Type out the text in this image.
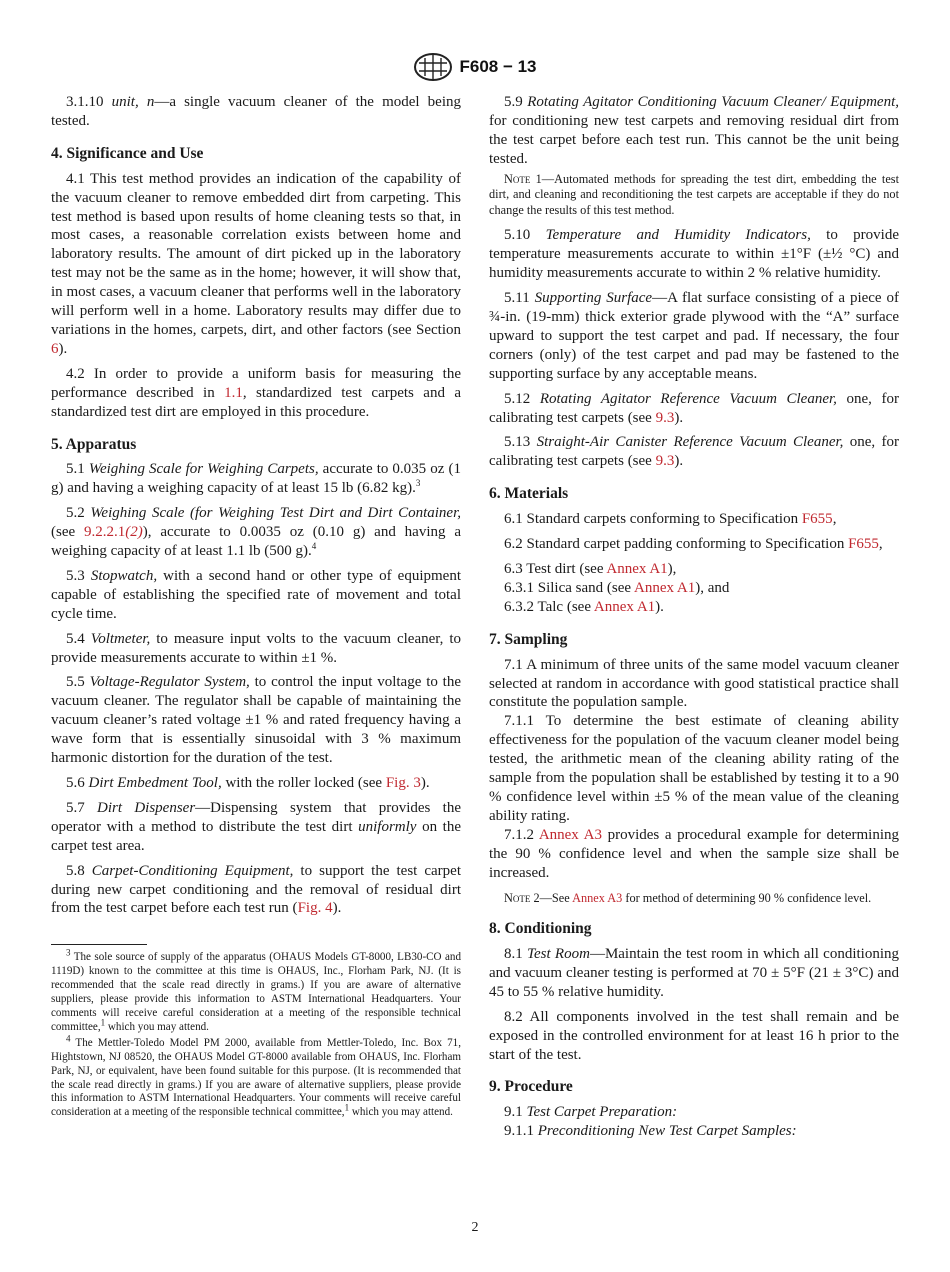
F608 − 13

3.1.10 unit, n—a single vacuum cleaner of the model being tested.

4. Significance and Use

4.1 This test method provides an indication of the capability of the vacuum cleaner to remove embedded dirt from carpeting. This test method is based upon results of home cleaning tests so that, in most cases, a reasonable correlation exists between home and laboratory results. The amount of dirt picked up in the laboratory test may not be the same as in the home; however, it will show that, in most cases, a vacuum cleaner that performs well in the laboratory will perform well in a home. Laboratory results may differ due to variations in the homes, carpets, dirt, and other factors (see Section 6).

4.2 In order to provide a uniform basis for measuring the performance described in 1.1, standardized test carpets and a standardized test dirt are employed in this procedure.

5. Apparatus

5.1 Weighing Scale for Weighing Carpets, accurate to 0.035 oz (1 g) and having a weighing capacity of at least 15 lb (6.82 kg).$^3$

5.2 Weighing Scale (for Weighing Test Dirt and Dirt Container, (see 9.2.2.1(2)), accurate to 0.0035 oz (0.10 g) and having a weighing capacity of at least 1.1 lb (500 g).$^4$

5.3 Stopwatch, with a second hand or other type of equipment capable of establishing the specified rate of movement and total cycle time.

5.4 Voltmeter, to measure input volts to the vacuum cleaner, to provide measurements accurate to within ±1 %.

5.5 Voltage-Regulator System, to control the input voltage to the vacuum cleaner. The regulator shall be capable of maintaining the vacuum cleaner’s rated voltage ±1 % and rated frequency having a wave form that is essentially sinusoidal with 3 % maximum harmonic distortion for the duration of the test.

5.6 Dirt Embedment Tool, with the roller locked (see Fig. 3).

5.7 Dirt Dispenser—Dispensing system that provides the operator with a method to distribute the test dirt uniformly on the carpet test area.

5.8 Carpet-Conditioning Equipment, to support the test carpet during new carpet conditioning and the removal of residual dirt from the test carpet before each test run (Fig. 4).

$^3$ The sole source of supply of the apparatus (OHAUS Models GT-8000, LB30-CO and 1119D) known to the committee at this time is OHAUS, Inc., Florham Park, NJ. (It is recommended that the scale read directly in grams.) If you are aware of alternative suppliers, please provide this information to ASTM International Headquarters. Your comments will receive careful consideration at a meeting of the responsible technical committee,$^1$ which you may attend.

$^4$ The Mettler-Toledo Model PM 2000, available from Mettler-Toledo, Inc. Box 71, Hightstown, NJ 08520, the OHAUS Model GT-8000 available from OHAUS, Inc. Florham Park, NJ, or equivalent, have been found suitable for this purpose. (It is recommended that the scale read directly in grams.) If you are aware of alternative suppliers, please provide this information to ASTM International Headquarters. Your comments will receive careful consideration at a meeting of the responsible technical committee,$^1$ which you may attend.

5.9 Rotating Agitator Conditioning Vacuum Cleaner/ Equipment, for conditioning new test carpets and removing residual dirt from the test carpet before each test run. This cannot be the unit being tested.

Note 1—Automated methods for spreading the test dirt, embedding the test dirt, and cleaning and reconditioning the test carpets are acceptable if they do not change the results of this test method.

5.10 Temperature and Humidity Indicators, to provide temperature measurements accurate to within ±1°F (±½ °C) and humidity measurements accurate to within 2 % relative humidity.

5.11 Supporting Surface—A flat surface consisting of a piece of ¾-in. (19-mm) thick exterior grade plywood with the “A” surface upward to support the test carpet and pad. If necessary, the four corners (only) of the test carpet and pad may be fastened to the supporting surface by any acceptable means.

5.12 Rotating Agitator Reference Vacuum Cleaner, one, for calibrating test carpets (see 9.3).

5.13 Straight-Air Canister Reference Vacuum Cleaner, one, for calibrating test carpets (see 9.3).

6. Materials

6.1 Standard carpets conforming to Specification F655,

6.2 Standard carpet padding conforming to Specification F655,

6.3 Test dirt (see Annex A1),

6.3.1 Silica sand (see Annex A1), and

6.3.2 Talc (see Annex A1).

7. Sampling

7.1 A minimum of three units of the same model vacuum cleaner selected at random in accordance with good statistical practice shall constitute the population sample.

7.1.1 To determine the best estimate of cleaning ability effectiveness for the population of the vacuum cleaner model being tested, the arithmetic mean of the cleaning ability rating of the sample from the population shall be established by testing it to a 90 % confidence level within ±5 % of the mean value of the cleaning ability rating.

7.1.2 Annex A3 provides a procedural example for determining the 90 % confidence level and when the sample size shall be increased.

Note 2—See Annex A3 for method of determining 90 % confidence level.

8. Conditioning

8.1 Test Room—Maintain the test room in which all conditioning and vacuum cleaner testing is performed at 70 ± 5°F (21 ± 3°C) and 45 to 55 % relative humidity.

8.2 All components involved in the test shall remain and be exposed in the controlled environment for at least 16 h prior to the start of the test.

9. Procedure

9.1 Test Carpet Preparation:

9.1.1 Preconditioning New Test Carpet Samples:

2
